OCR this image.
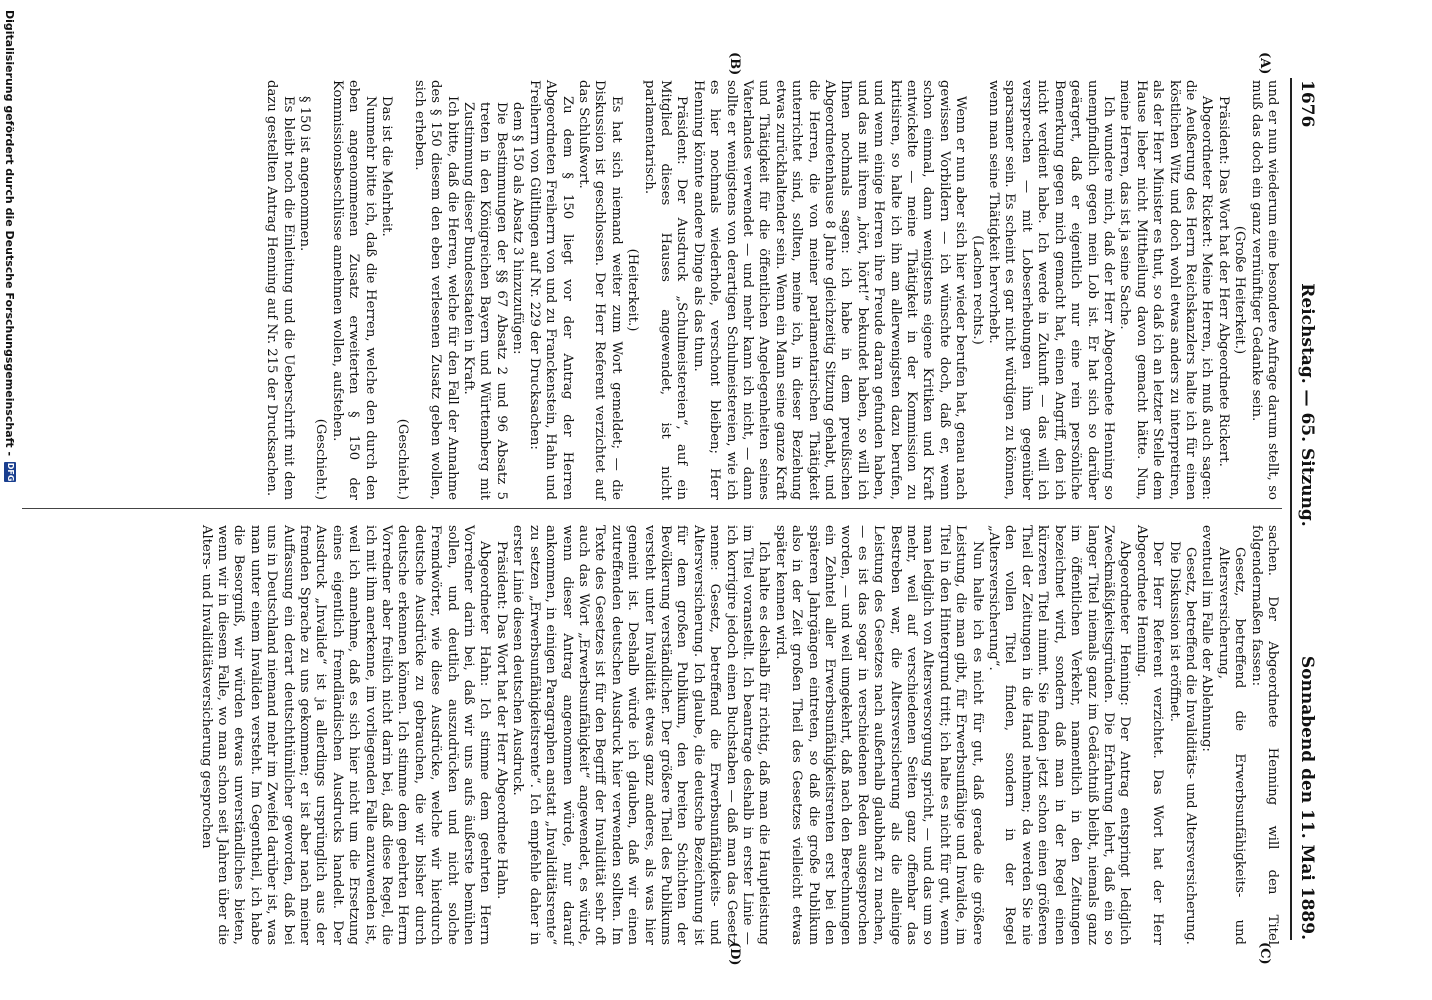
1676
Reichstag. — 65. Sitzung.
Sonnabend den 11. Mai 1889.
(A)
(B)
(C)
(D)

und er nun wiederum eine besondere Anfrage darum stellt, so muß das doch ein ganz vernünftiger Gedanke sein.

(Große Heiterkeit.)

Präsident: Das Wort hat der Herr Abgeordnete Rickert.

Abgeordneter Rickert: Meine Herren, ich muß auch sagen: die Aeußerung des Herrn Reichskanzlers halte ich für einen köstlichen Witz und doch wohl etwas anders zu interpretiren, als der Herr Minister es thut, so daß ich an letzter Stelle dem Hause lieber nicht Mittheilung davon gemacht hätte. Nun, meine Herren, das ist ja seine Sache.

Ich wundere mich, daß der Herr Abgeordnete Henning so unempfindlich gegen mein Lob ist. Er hat sich so darüber geärgert, daß er eigentlich nur eine rein persönliche Bemerkung gegen mich gemacht hat, einen Angriff, den ich nicht verdient habe. Ich werde in Zukunft — das will ich versprechen — mit Lobeserhebungen ihm gegenüber sparsamer sein. Es scheint es gar nicht würdigen zu können, wenn man seine Thätigkeit hervorhebt.

(Lachen rechts.)

Wenn er nun aber sich hier wieder berufen hat, genau nach gewissen Vorbildern — ich wünschte doch, daß er, wenn schon einmal, dann wenigstens eigene Kritiken und Kraft entwickelte — meine Thätigkeit in der Kommission zu kritisiren, so halte ich ihn am allerwenigsten dazu berufen, und wenn einige Herren ihre Freude daran gefunden haben, und das mit ihrem „hört, hört!“ bekundet haben, so will ich Ihnen nochmals sagen: ich habe in dem preußischen Abgeordnetenhause 8 Jahre gleichzeitig Sitzung gehabt, und die Herren, die von meiner parlamentarischen Thätigkeit unterrichtet sind, sollten, meine ich, in dieser Beziehung etwas zurückhaltender sein. Wenn ein Mann seine ganze Kraft und Thätigkeit für die öffentlichen Angelegenheiten seines Vaterlandes verwendet — und mehr kann ich nicht, — dann sollte er wenigstens von derartigen Schulmeistereien, wie ich es hier nochmals wiederhole, verschont bleiben; Herr Henning könnte andere Dinge als das thun.

Präsident: Der Ausdruck „Schulmeistereien“, auf ein Mitglied dieses Hauses angewendet, ist nicht parlamentarisch.

(Heiterkeit.)

Es hat sich niemand weiter zum Wort gemeldet; — die Diskussion ist geschlossen. Der Herr Referent verzichtet auf das Schlußwort.

Zu dem § 150 liegt vor der Antrag der Herren Abgeordneten Freiherrn von und zu Franckenstein, Hahn und Freiherrn von Gültlingen auf Nr. 229 der Drucksachen:

dem § 150 als Absatz 3 hinzuzufügen:

Die Bestimmungen der §§ 67 Absatz 2 und 96 Absatz 5 treten in den Königreichen Bayern und Württemberg mit Zustimmung dieser Bundesstaaten in Kraft.

Ich bitte, daß die Herren, welche für den Fall der Annahme des § 150 diesem den eben verlesenen Zusatz geben wollen, sich erheben.

(Geschieht.)

Das ist die Mehrheit.

Nunmehr bitte ich, daß die Herren, welche den durch den eben angenommenen Zusatz erweiterten § 150 der Kommissionsbeschlüsse annehmen wollen, aufstehen.

(Geschieht.)

§ 150 ist angenommen.

Es bleibt noch die Einleitung und die Ueberschrift mit dem dazu gestellten Antrag Henning auf Nr. 215 der Drucksachen.

sachen. Der Abgeordnete Henning will den Titel folgendermaßen fassen:

Gesetz, betreffend die Erwerbsunfähigkeits- und Altersversicherung,

eventuell im Falle der Ablehnung:

Gesetz, betreffend die Invaliditäts- und Altersversicherung.

Die Diskussion ist eröffnet.

Der Herr Referent verzichtet. Das Wort hat der Herr Abgeordnete Henning.

Abgeordneter Henning: Der Antrag entspringt lediglich Zweckmäßigkeitsgründen. Die Erfahrung lehrt, daß ein so langer Titel niemals ganz im Gedächtniß bleibt, niemals ganz im öffentlichen Verkehr, namentlich in den Zeitungen bezeichnet wird, sondern daß man in der Regel einen kürzeren Titel nimmt. Sie finden jetzt schon einen größeren Theil der Zeitungen in die Hand nehmen; da werden Sie nie den vollen Titel finden, sondern in der Regel „Altersversicherung“.

Nun halte ich es nicht für gut, daß gerade die größere Leistung, die man gibt, für Erwerbsunfähige und Invalide, im Titel in den Hintergrund tritt; ich halte es nicht für gut, wenn man lediglich von Altersversorgung spricht, — und das um so mehr, weil auf verschiedenen Seiten ganz offenbar das Bestreben war, die Altersversicherung als die alleinige Leistung des Gesetzes nach außerhalb glaubhaft zu machen, — es ist das sogar in verschiedenen Reden ausgesprochen worden, — und weil umgekehrt, daß nach den Berechnungen ein Zehntel aller Erwerbsunfähigkeitsrenten erst bei den späteren Jahrgängen eintreten, so daß die große Publikum also in der Zeit großen Theil des Gesetzes vielleicht etwas später kennen wird.

Ich halte es deshalb für richtig, daß man die Hauptleistung im Titel voranstellt. Ich beantrage deshalb in erster Linie — ich korrigire jedoch einen Buchstaben — daß man das Gesetz nenne: Gesetz, betreffend die Erwerbsunfähigkeits- und Altersversicherung. Ich glaube, die deutsche Bezeichnung ist für dem großen Publikum, den breiten Schichten der Bevölkerung verständlicher. Der größere Theil des Publikums versteht unter Invalidität etwas ganz anderes, als was hier gemeint ist. Deshalb würde ich glauben, daß wir einen zutreffenden deutschen Ausdruck hier verwenden sollten. Im Texte des Gesetzes ist für den Begriff der Invalidität sehr oft auch das Wort „Erwerbsunfähigkeit“ angewendet, es würde, wenn dieser Antrag angenommen würde, nur darauf ankommen, in einigen Paragraphen anstatt „Invaliditätsrente“ zu setzen „Erwerbsunfähigkeitsrente“. Ich empfehle daher in erster Linie diesen deutschen Ausdruck.

Präsident: Das Wort hat der Herr Abgeordnete Hahn.

Abgeordneter Hahn: Ich stimme dem geehrten Herrn Vorredner darin bei, daß wir uns aufs äußerste bemühen sollen, und deutlich auszudrücken und nicht solche Fremdwörter, wie diese Ausdrücke, welche wir hierdurch deutsche Ausdrücke zu gebrauchen, die wir bisher durch deutsche erkennen können. Ich stimme dem geehrten Herrn Vorredner aber freilich nicht darin bei, daß diese Regel, die ich mit ihm anerkenne, im vorliegenden Falle anzuwenden ist, weil ich annehme, daß es sich hier nicht um die Ersetzung eines eigentlich fremdländischen Ausdrucks handelt. Der Ausdruck „Invalide“ ist ja allerdings ursprünglich aus der fremden Sprache zu uns gekommen; er ist aber nach meiner Auffassung ein derart deutschthümlicher geworden, daß bei uns in Deutschland niemand mehr im Zweifel darüber ist, was man unter einem Invaliden versteht. Im Gegentheil, ich habe die Besorgniß, wir würden etwas unverständliches bieten, wenn wir in diesem Falle, wo man schon seit Jahren über die Alters- und Invaliditätsversicherung gesprochen

Digitalisierung gefördert durch die Deutsche Forschungsgemeinschaft -
DFG
